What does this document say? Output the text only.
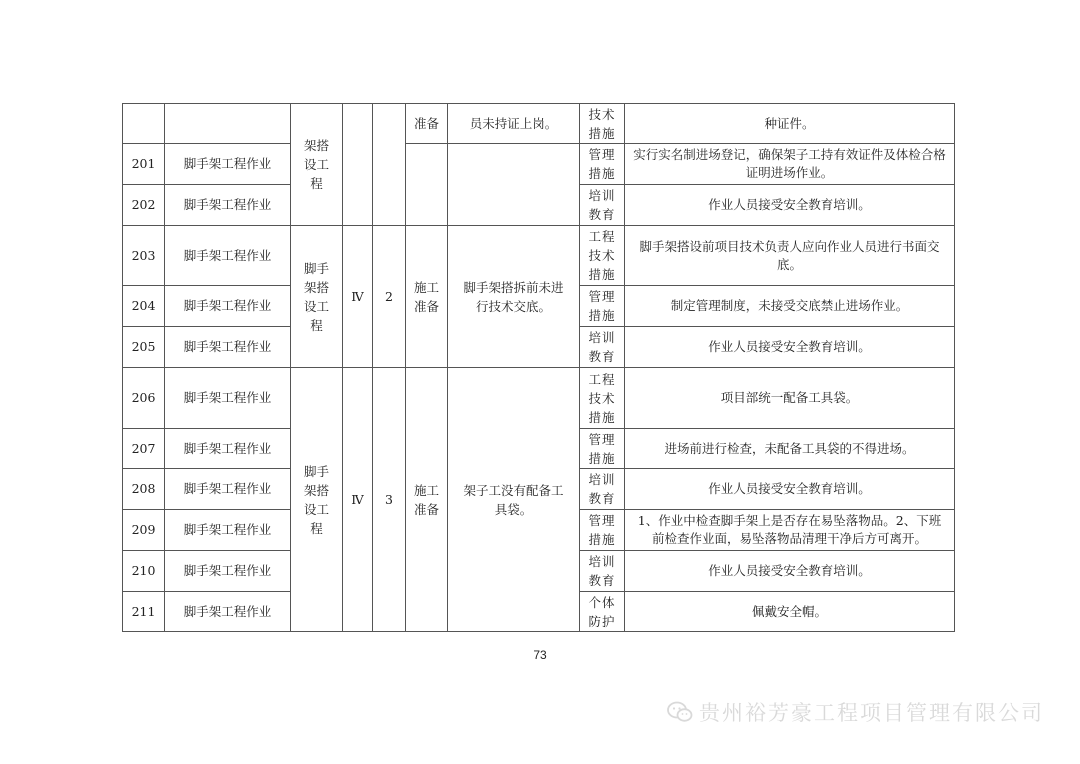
		架搭设工程			准备	员未持证上岗。	技术措施	种证件。
201	脚手架工程作业						管理措施	实行实名制进场登记，确保架子工持有效证件及体检合格证明进场作业。
202	脚手架工程作业						培训教育	作业人员接受安全教育培训。
203	脚手架工程作业	脚手架搭设工程	Ⅳ	2	施工准备	脚手架搭拆前未进行技术交底。	工程技术措施	脚手架搭设前项目技术负责人应向作业人员进行书面交底。
204	脚手架工程作业						管理措施	制定管理制度，未接受交底禁止进场作业。
205	脚手架工程作业						培训教育	作业人员接受安全教育培训。
206	脚手架工程作业	脚手架搭设工程	Ⅳ	3	施工准备	架子工没有配备工具袋。	工程技术措施	项目部统一配备工具袋。
207	脚手架工程作业						管理措施	进场前进行检查，未配备工具袋的不得进场。
208	脚手架工程作业						培训教育	作业人员接受安全教育培训。
209	脚手架工程作业						管理措施	1、作业中检查脚手架上是否存在易坠落物品。2、下班前检查作业面，易坠落物品清理干净后方可离开。
210	脚手架工程作业						培训教育	作业人员接受安全教育培训。
211	脚手架工程作业						个体防护	佩戴安全帽。
73
贵州裕芳豪工程项目管理有限公司
